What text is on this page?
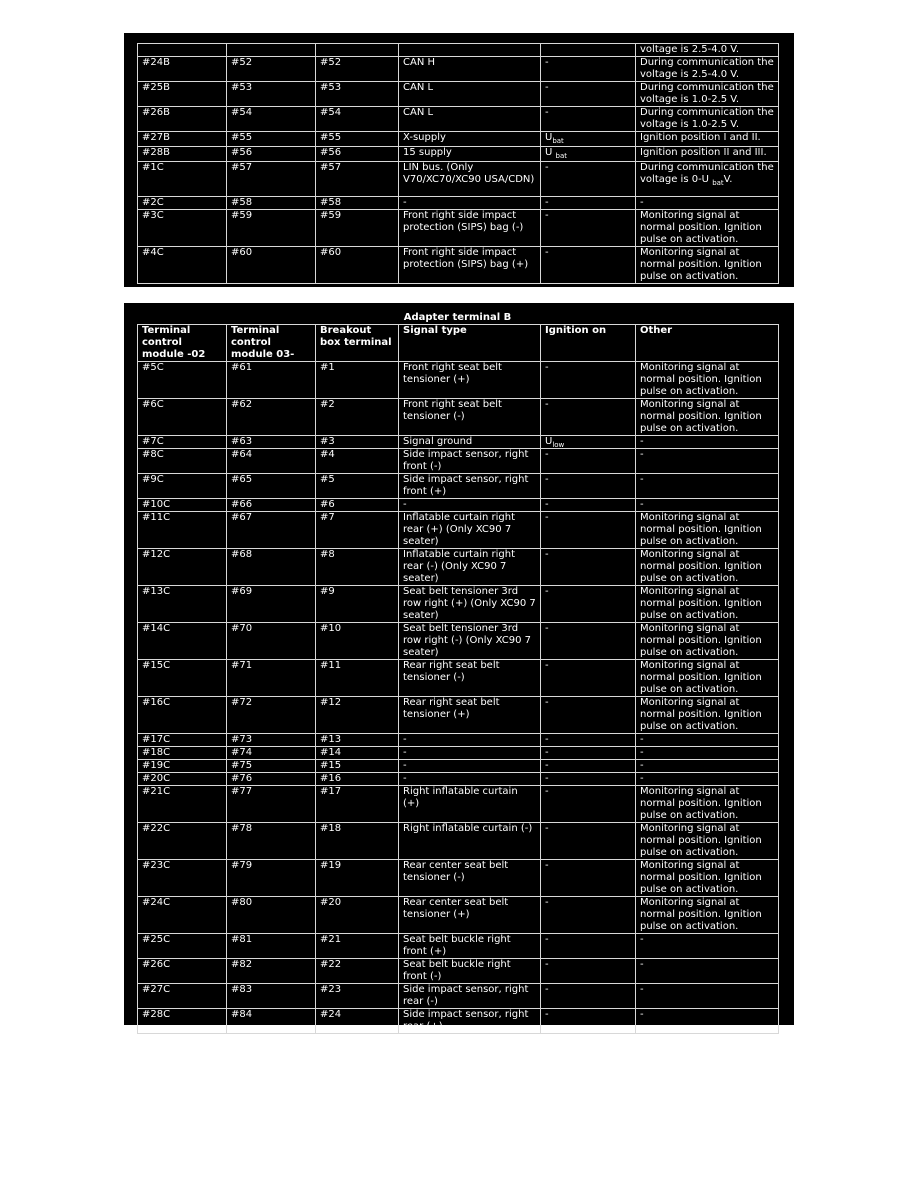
					voltage is 2.5-4.0 V.
#24B	#52	#52	CAN H	-	During communication the voltage is 2.5-4.0 V.
#25B	#53	#53	CAN L	-	During communication the voltage is 1.0-2.5 V.
#26B	#54	#54	CAN L	-	During communication the voltage is 1.0-2.5 V.
#27B	#55	#55	X-supply	$U_{bat}$	Ignition position I and II.
#28B	#56	#56	15 supply	U $_{bat}$	Ignition position II and III.
#1C	#57	#57	LIN bus. (Only V70/XC70/XC90 USA/CDN)	-	During communication the voltage is 0-U $_{bat}$V.
#2C	#58	#58	-	-	-
#3C	#59	#59	Front right side impact protection (SIPS) bag (-)	-	Monitoring signal at normal position. Ignition pulse on activation.
#4C	#60	#60	Front right side impact protection (SIPS) bag (+)	-	Monitoring signal at normal position. Ignition pulse on activation.
Adapter terminal B
Terminal control module -02	Terminal control module 03-	Breakout box terminal	Signal type	Ignition on	Other
#5C	#61	#1	Front right seat belt tensioner (+)	-	Monitoring signal at normal position. Ignition pulse on activation.
#6C	#62	#2	Front right seat belt tensioner (-)	-	Monitoring signal at normal position. Ignition pulse on activation.
#7C	#63	#3	Signal ground	$U_{low}$	-
#8C	#64	#4	Side impact sensor, right front (-)	-	-
#9C	#65	#5	Side impact sensor, right front (+)	-	-
#10C	#66	#6	-	-	-
#11C	#67	#7	Inflatable curtain right rear (+) (Only XC90 7 seater)	-	Monitoring signal at normal position. Ignition pulse on activation.
#12C	#68	#8	Inflatable curtain right rear (-) (Only XC90 7 seater)	-	Monitoring signal at normal position. Ignition pulse on activation.
#13C	#69	#9	Seat belt tensioner 3rd row right (+) (Only XC90 7 seater)	-	Monitoring signal at normal position. Ignition pulse on activation.
#14C	#70	#10	Seat belt tensioner 3rd row right (-) (Only XC90 7 seater)	-	Monitoring signal at normal position. Ignition pulse on activation.
#15C	#71	#11	Rear right seat belt tensioner (-)	-	Monitoring signal at normal position. Ignition pulse on activation.
#16C	#72	#12	Rear right seat belt tensioner (+)	-	Monitoring signal at normal position. Ignition pulse on activation.
#17C	#73	#13	-	-	-
#18C	#74	#14	-	-	-
#19C	#75	#15	-	-	-
#20C	#76	#16	-	-	-
#21C	#77	#17	Right inflatable curtain (+)	-	Monitoring signal at normal position. Ignition pulse on activation.
#22C	#78	#18	Right inflatable curtain (-)	-	Monitoring signal at normal position. Ignition pulse on activation.
#23C	#79	#19	Rear center seat belt tensioner (-)	-	Monitoring signal at normal position. Ignition pulse on activation.
#24C	#80	#20	Rear center seat belt tensioner (+)	-	Monitoring signal at normal position. Ignition pulse on activation.
#25C	#81	#21	Seat belt buckle right front (+)	-	-
#26C	#82	#22	Seat belt buckle right front (-)	-	-
#27C	#83	#23	Side impact sensor, right rear (-)	-	-
#28C	#84	#24	Side impact sensor, right rear (+)	-	-
